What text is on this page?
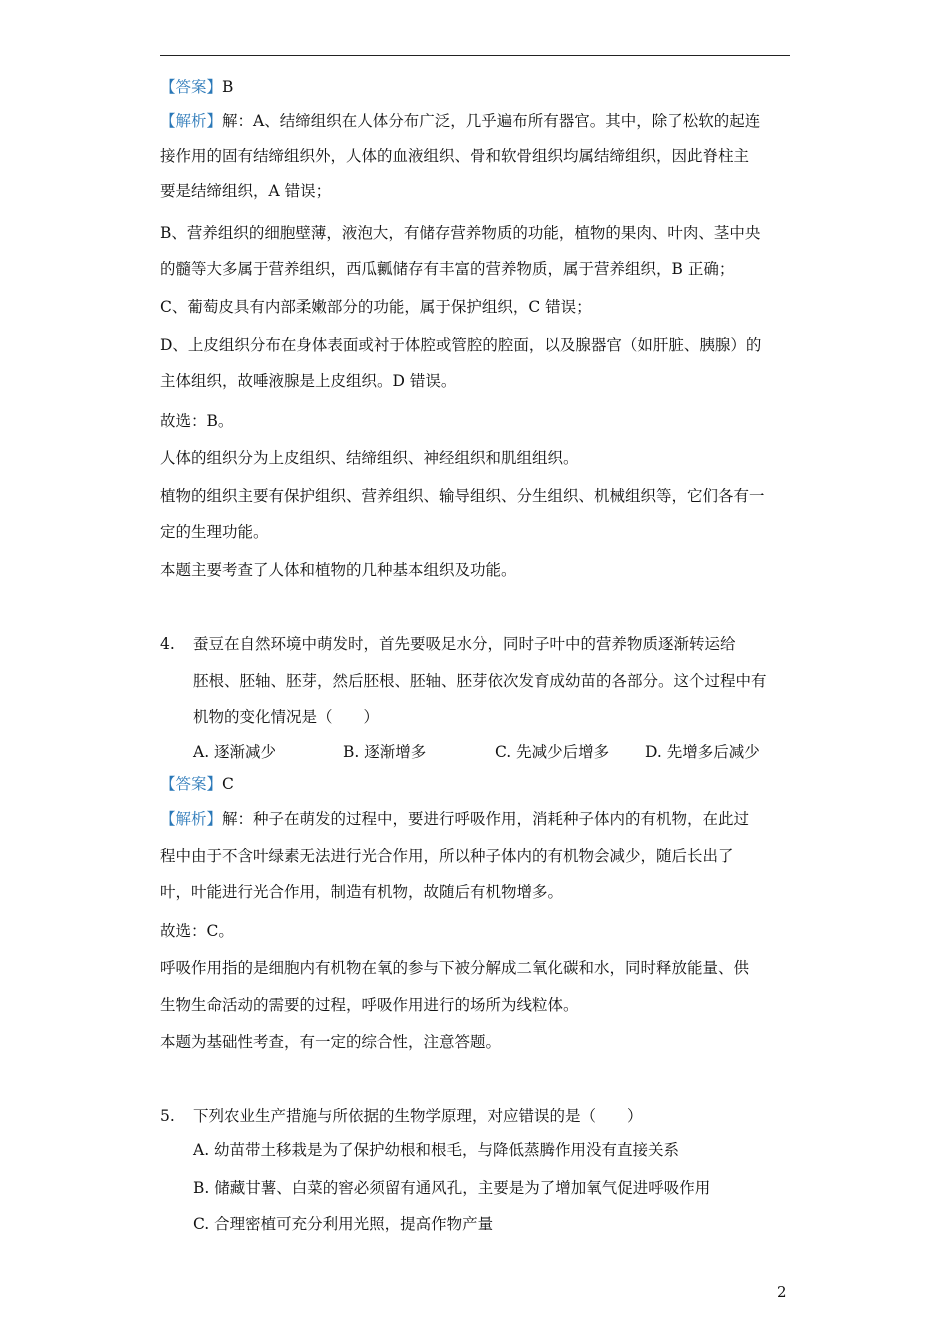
【答案】B
【解析】解：A、结缔组织在人体分布广泛，几乎遍布所有器官。其中，除了松软的起连
接作用的固有结缔组织外，人体的血液组织、骨和软骨组织均属结缔组织，因此脊柱主
要是结缔组织，A 错误；
B、营养组织的细胞壁薄，液泡大，有储存营养物质的功能，植物的果肉、叶肉、茎中央
的髓等大多属于营养组织，西瓜瓤储存有丰富的营养物质，属于营养组织，B 正确；
C、葡萄皮具有内部柔嫩部分的功能，属于保护组织，C 错误；
D、上皮组织分布在身体表面或衬于体腔或管腔的腔面，以及腺器官（如肝脏、胰腺）的
主体组织，故唾液腺是上皮组织。D 错误。
故选：B。
人体的组织分为上皮组织、结缔组织、神经组织和肌组组织。
植物的组织主要有保护组织、营养组织、输导组织、分生组织、机械组织等，它们各有一
定的生理功能。
本题主要考查了人体和植物的几种基本组织及功能。
4. 蚕豆在自然环境中萌发时，首先要吸足水分，同时子叶中的营养物质逐渐转运给
胚根、胚轴、胚芽，然后胚根、胚轴、胚芽依次发育成幼苗的各部分。这个过程中有
机物的变化情况是（　　）
A. 逐渐减少	B. 逐渐增多	C. 先减少后增多 D. 先增多后减少
【答案】C
【解析】解：种子在萌发的过程中，要进行呼吸作用，消耗种子体内的有机物，在此过
程中由于不含叶绿素无法进行光合作用，所以种子体内的有机物会减少，随后长出了
叶，叶能进行光合作用，制造有机物，故随后有机物增多。
故选：C。
呼吸作用指的是细胞内有机物在氧的参与下被分解成二氧化碳和水，同时释放能量、供
生物生命活动的需要的过程，呼吸作用进行的场所为线粒体。
本题为基础性考查，有一定的综合性，注意答题。
5. 下列农业生产措施与所依据的生物学原理，对应错误的是（　　）
A. 幼苗带土移栽是为了保护幼根和根毛，与降低蒸腾作用没有直接关系
B. 储藏甘薯、白菜的窖必须留有通风孔，主要是为了增加氧气促进呼吸作用
C. 合理密植可充分利用光照，提高作物产量
2
